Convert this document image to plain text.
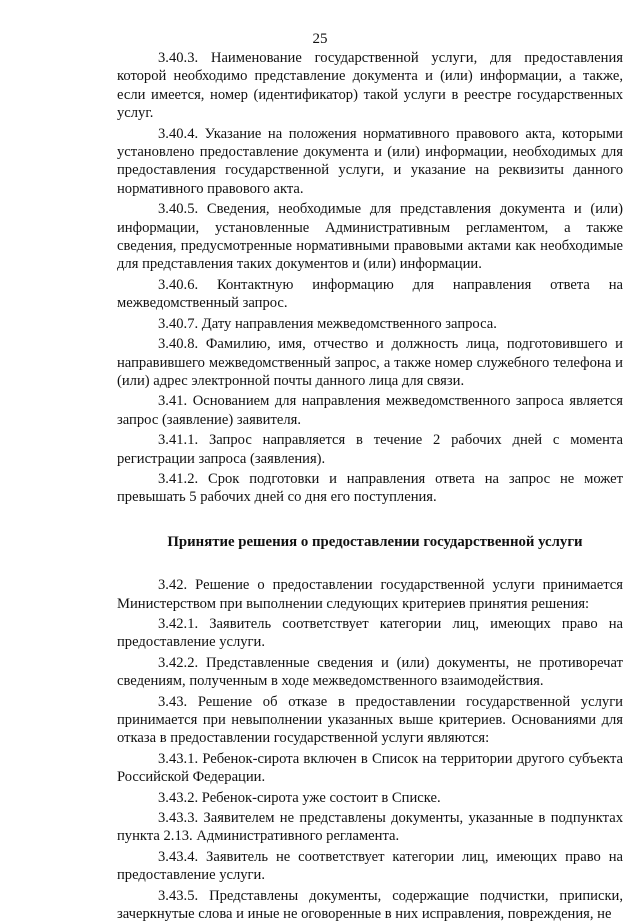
25

3.40.3. Наименование государственной услуги, для предоставления которой необходимо представление документа и (или) информации, а также, если имеется, номер (идентификатор) такой услуги в реестре государственных услуг.

3.40.4. Указание на положения нормативного правового акта, которыми установлено предоставление документа и (или) информации, необходимых для предоставления государственной услуги, и указание на реквизиты данного нормативного правового акта.

3.40.5. Сведения, необходимые для представления документа и (или) информации, установленные Административным регламентом, а также сведения, предусмотренные нормативными правовыми актами как необходимые для представления таких документов и (или) информации.

3.40.6. Контактную информацию для направления ответа на межведомственный запрос.

3.40.7. Дату направления межведомственного запроса.

3.40.8. Фамилию, имя, отчество и должность лица, подготовившего и направившего межведомственный запрос, а также номер служебного телефона и (или) адрес электронной почты данного лица для связи.

3.41. Основанием для направления межведомственного запроса является запрос (заявление) заявителя.

3.41.1. Запрос направляется в течение 2 рабочих дней с момента регистрации запроса (заявления).

3.41.2. Срок подготовки и направления ответа на запрос не может превышать 5 рабочих дней со дня его поступления.

Принятие решения о предоставлении государственной услуги

3.42. Решение о предоставлении государственной услуги принимается Министерством при выполнении следующих критериев принятия решения:

3.42.1. Заявитель соответствует категории лиц, имеющих право на предоставление услуги.

3.42.2. Представленные сведения и (или) документы, не противоречат сведениям, полученным в ходе межведомственного взаимодействия.

3.43. Решение об отказе в предоставлении государственной услуги принимается при невыполнении указанных выше критериев. Основаниями для отказа в предоставлении государственной услуги являются:

3.43.1. Ребенок-сирота включен в Список на территории другого субъекта Российской Федерации.

3.43.2. Ребенок-сирота уже состоит в Списке.

3.43.3. Заявителем не представлены документы, указанные в подпунктах пункта 2.13. Административного регламента.

3.43.4. Заявитель не соответствует категории лиц, имеющих право на предоставление услуги.

3.43.5. Представлены документы, содержащие подчистки, приписки, зачеркнутые слова и иные не оговоренные в них исправления, повреждения, не
